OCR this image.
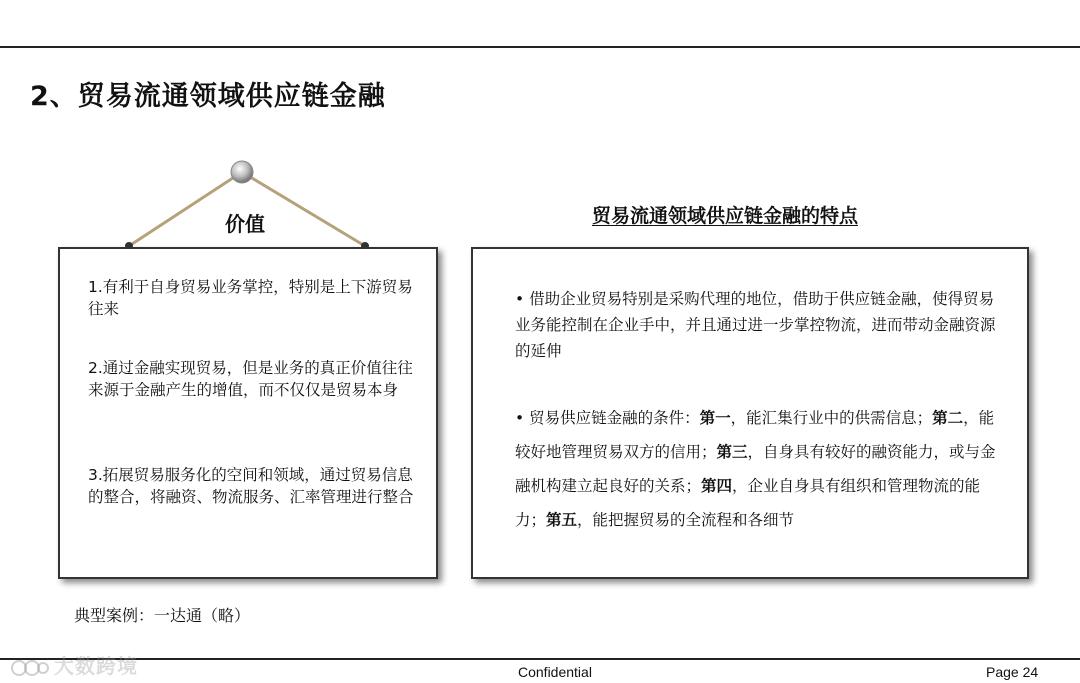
2、贸易流通领域供应链金融
价值

1.有利于自身贸易业务掌控，特别是上下游贸易往来

2.通过金融实现贸易，但是业务的真正价值往往来源于金融产生的增值，而不仅仅是贸易本身

3.拓展贸易服务化的空间和领域，通过贸易信息的整合，将融资、物流服务、汇率管理进行整合

贸易流通领域供应链金融的特点

• 借助企业贸易特别是采购代理的地位，借助于供应链金融，使得贸易业务能控制在企业手中，并且通过进一步掌控物流，进而带动金融资源的延伸

• 贸易供应链金融的条件：第一，能汇集行业中的供需信息；第二，能较好地管理贸易双方的信用；第三，自身具有较好的融资能力，或与金融机构建立起良好的关系；第四，企业自身具有组织和管理物流的能力；第五，能把握贸易的全流程和各细节

典型案例：一达通（略）
大数跨境	Confidential	Page 24
